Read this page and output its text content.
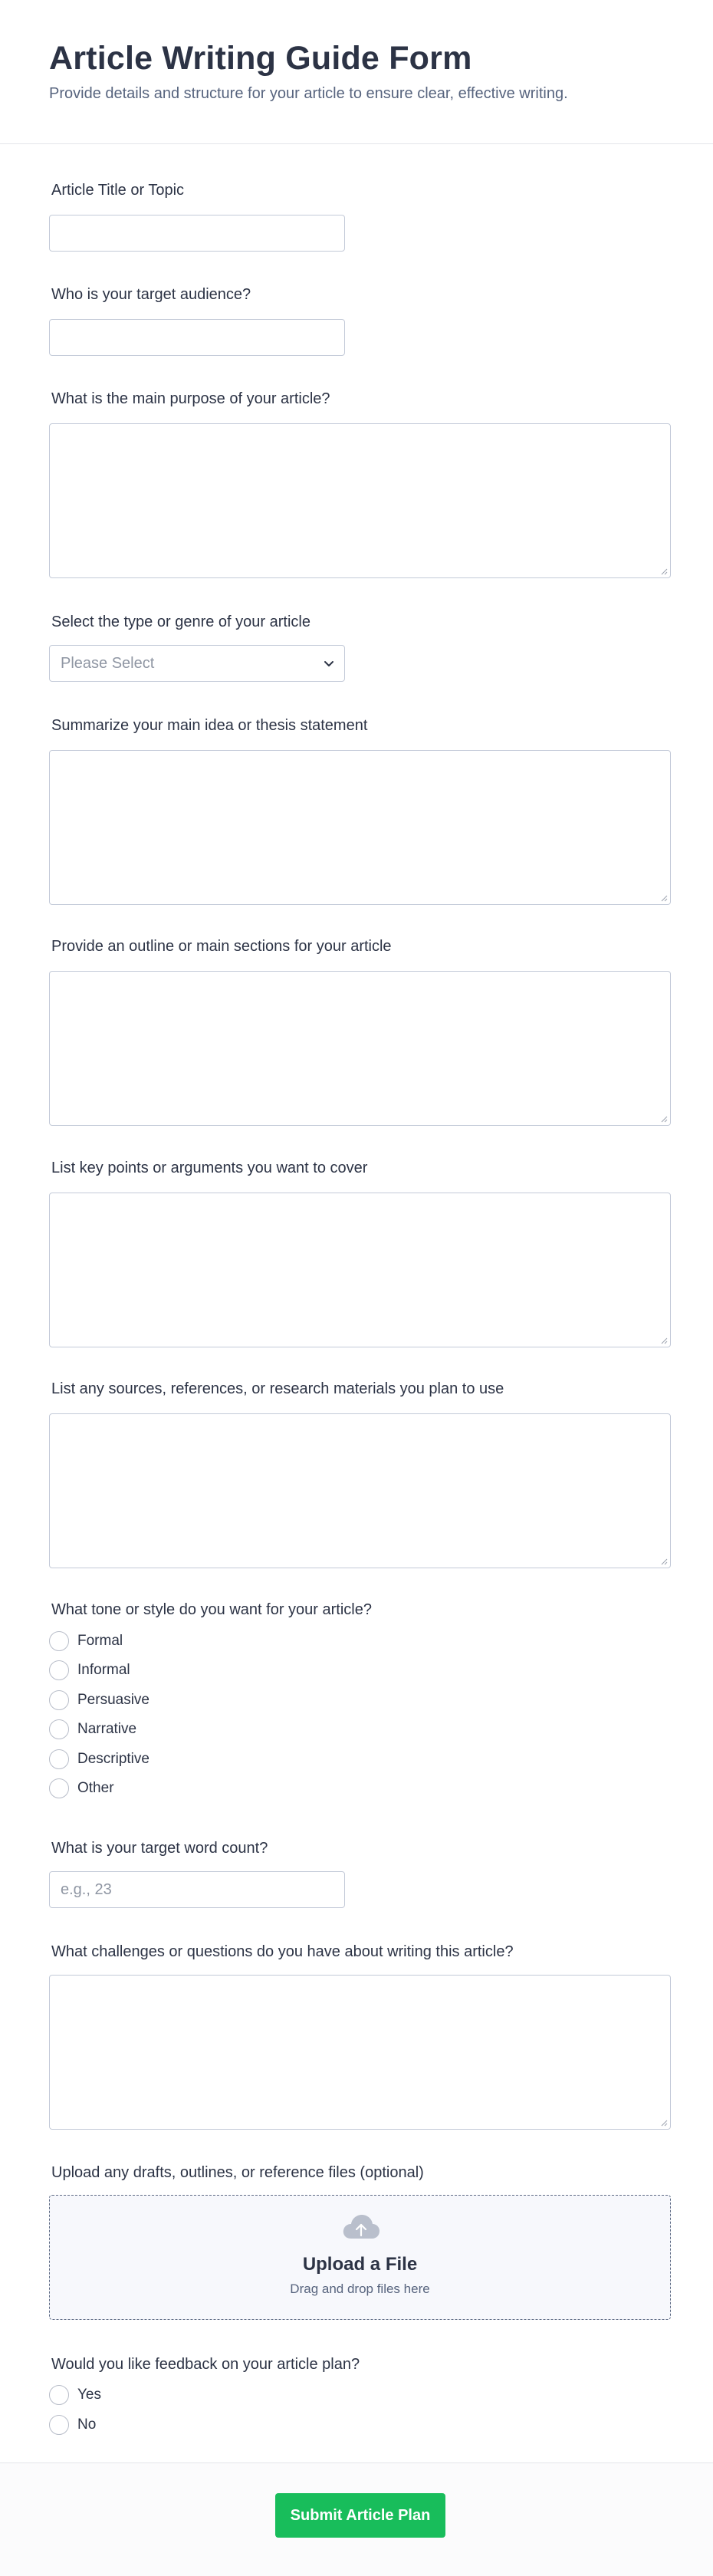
Article Writing Guide Form
Provide details and structure for your article to ensure clear, effective writing.
Article Title or Topic
Who is your target audience?
What is the main purpose of your article?
Select the type or genre of your article
Please Select
Summarize your main idea or thesis statement
Provide an outline or main sections for your article
List key points or arguments you want to cover
List any sources, references, or research materials you plan to use
What tone or style do you want for your article?
Formal
Informal
Persuasive
Narrative
Descriptive
Other
What is your target word count?
e.g., 23
What challenges or questions do you have about writing this article?
Upload any drafts, outlines, or reference files (optional)
Upload a File
Drag and drop files here
Would you like feedback on your article plan?
Yes
No
Submit Article Plan
